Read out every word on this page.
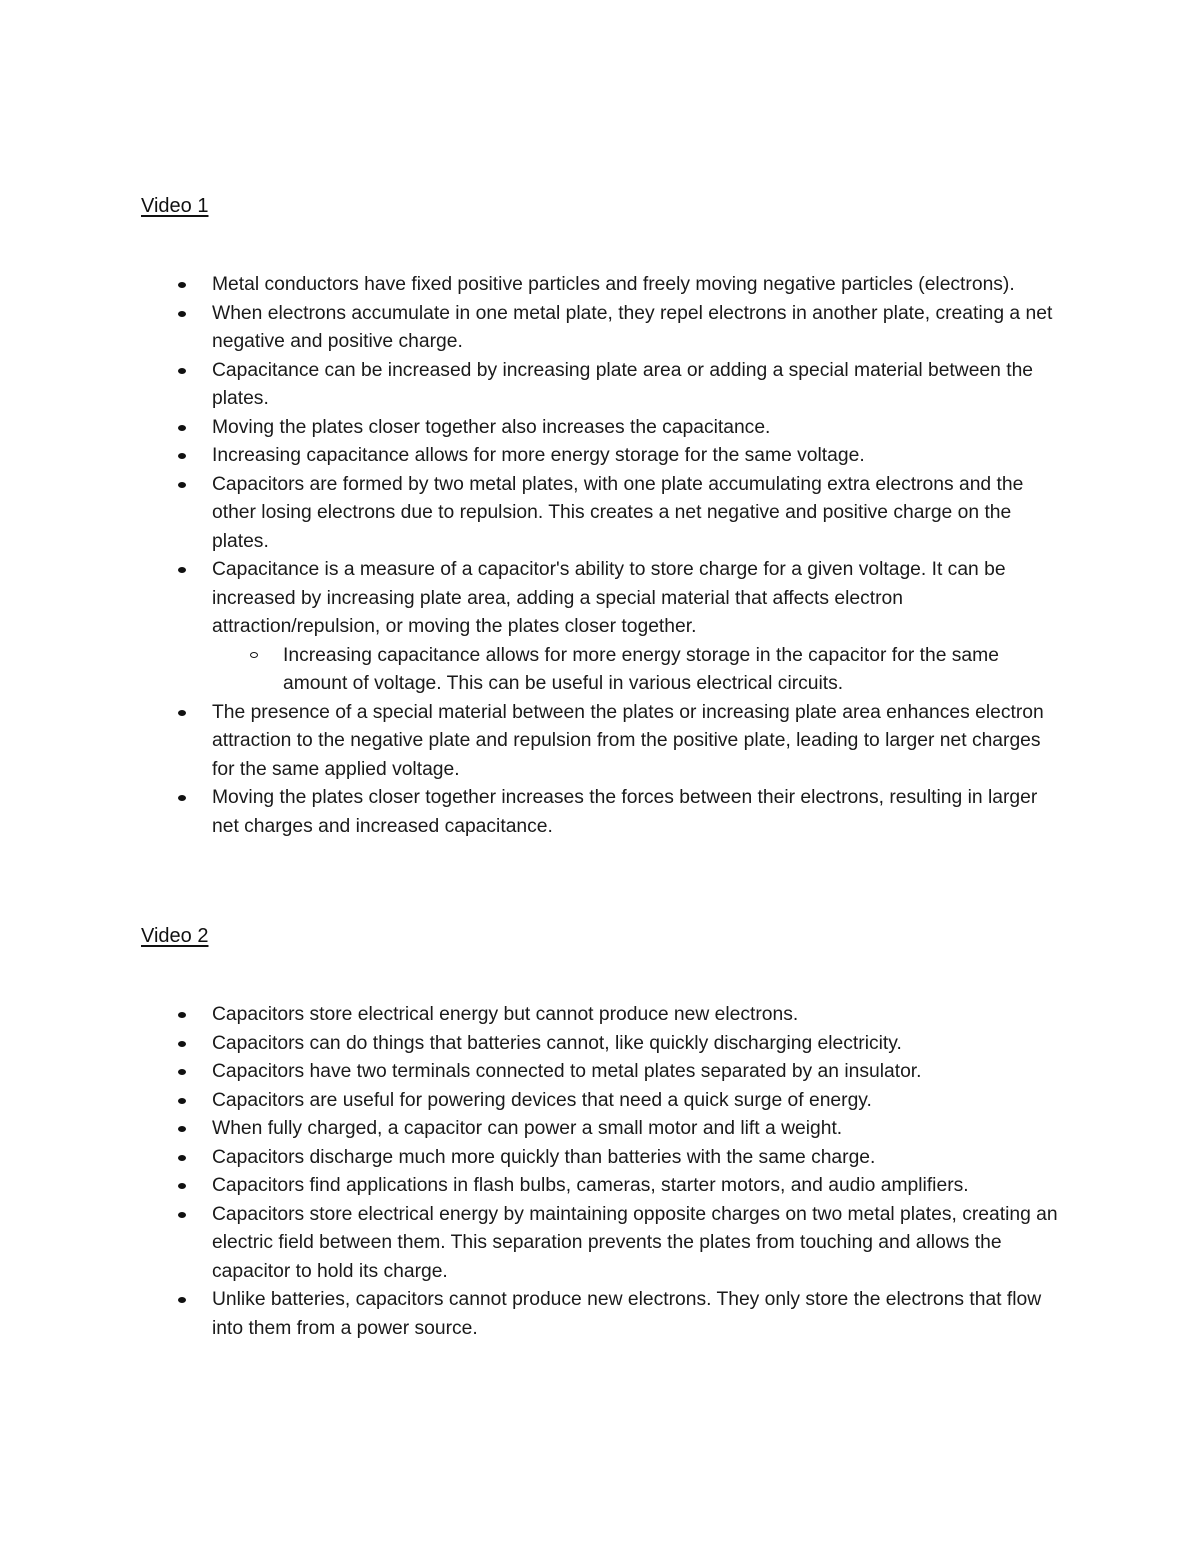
Video 1
Metal conductors have fixed positive particles and freely moving negative particles (electrons).
When electrons accumulate in one metal plate, they repel electrons in another plate, creating a net negative and positive charge.
Capacitance can be increased by increasing plate area or adding a special material between the plates.
Moving the plates closer together also increases the capacitance.
Increasing capacitance allows for more energy storage for the same voltage.
Capacitors are formed by two metal plates, with one plate accumulating extra electrons and the other losing electrons due to repulsion. This creates a net negative and positive charge on the plates.
Capacitance is a measure of a capacitor's ability to store charge for a given voltage. It can be increased by increasing plate area, adding a special material that affects electron attraction/repulsion, or moving the plates closer together.
Increasing capacitance allows for more energy storage in the capacitor for the same amount of voltage. This can be useful in various electrical circuits.
The presence of a special material between the plates or increasing plate area enhances electron attraction to the negative plate and repulsion from the positive plate, leading to larger net charges for the same applied voltage.
Moving the plates closer together increases the forces between their electrons, resulting in larger net charges and increased capacitance.
Video 2
Capacitors store electrical energy but cannot produce new electrons.
Capacitors can do things that batteries cannot, like quickly discharging electricity.
Capacitors have two terminals connected to metal plates separated by an insulator.
Capacitors are useful for powering devices that need a quick surge of energy.
When fully charged, a capacitor can power a small motor and lift a weight.
Capacitors discharge much more quickly than batteries with the same charge.
Capacitors find applications in flash bulbs, cameras, starter motors, and audio amplifiers.
Capacitors store electrical energy by maintaining opposite charges on two metal plates, creating an electric field between them. This separation prevents the plates from touching and allows the capacitor to hold its charge.
Unlike batteries, capacitors cannot produce new electrons. They only store the electrons that flow into them from a power source.
